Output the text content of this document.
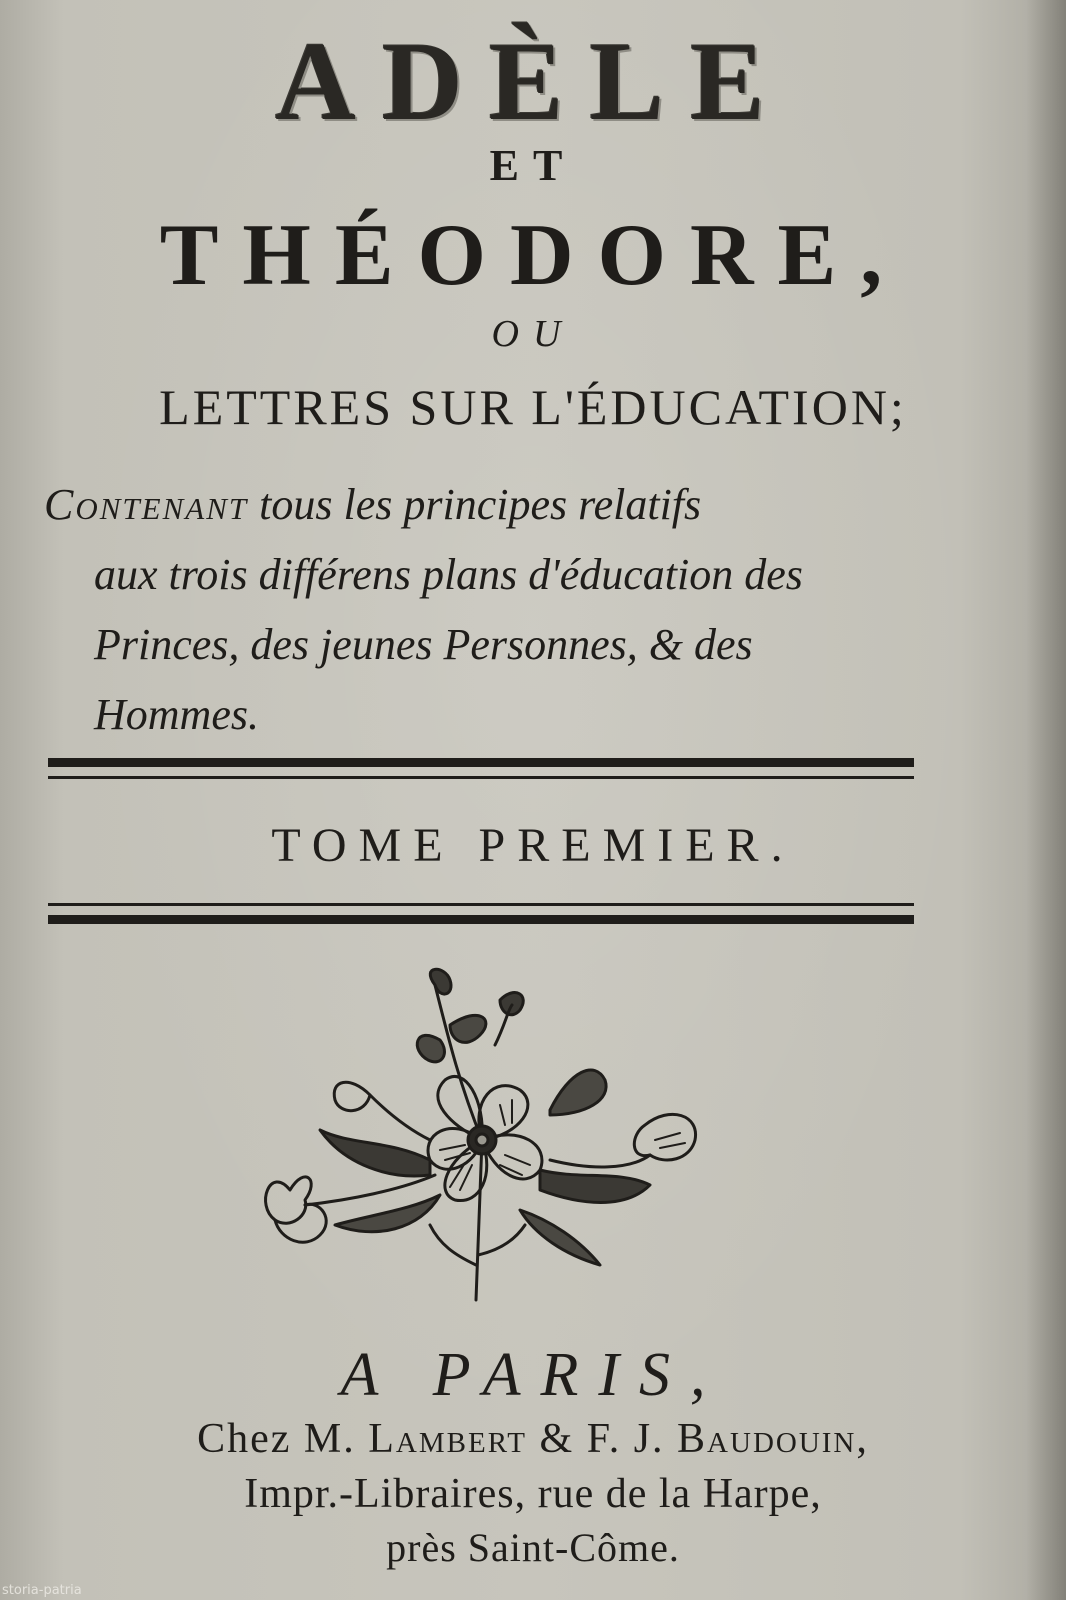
ADÈLE
ET
THÉODORE,
OU
LETTRES SUR L'ÉDUCATION;
Contenant tous les principes relatifs
aux trois différens plans d'éducation des
Princes, des jeunes Personnes, & des
Hommes.
TOME PREMIER.
A PARIS,
Chez M. Lambert & F. J. Baudouin,
Impr.-Libraires, rue de la Harpe,
près Saint-Côme.
storia-patria
